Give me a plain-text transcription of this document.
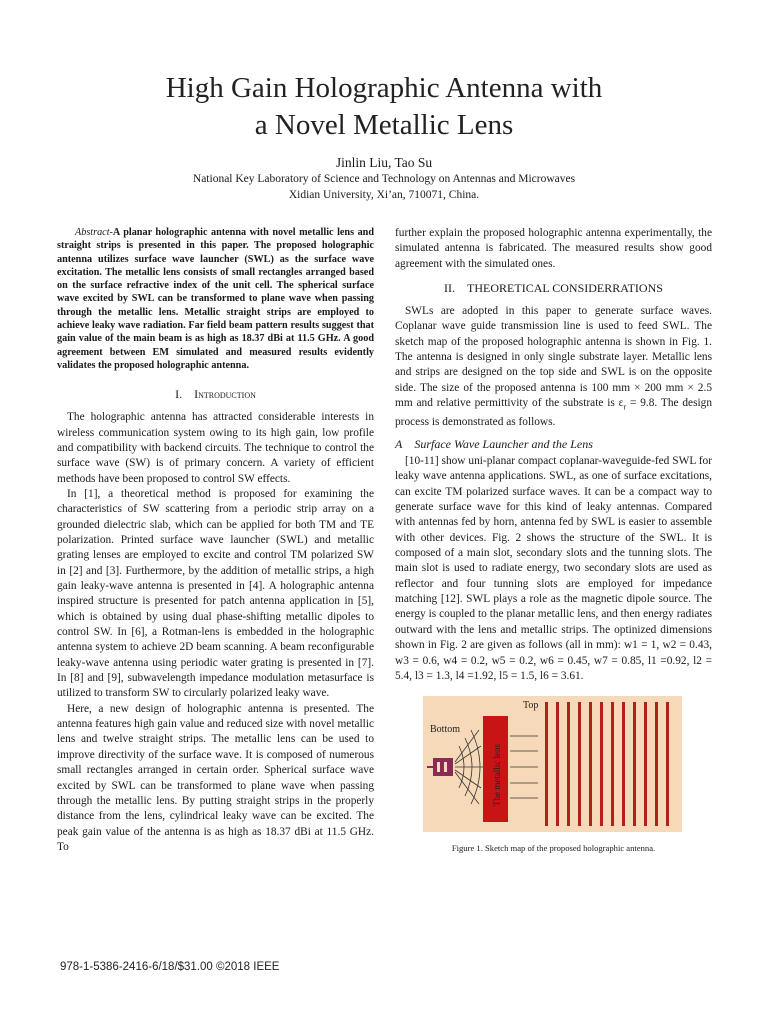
High Gain Holographic Antenna with
a Novel Metallic Lens
Jinlin Liu, Tao Su
National Key Laboratory of Science and Technology on Antennas and Microwaves
Xidian University, Xi’an, 710071, China.

Abstract-A planar holographic antenna with novel metallic lens and straight strips is presented in this paper. The proposed holographic antenna utilizes surface wave launcher (SWL) as the surface wave excitation. The metallic lens consists of small rectangles arranged based on the surface refractive index of the unit cell. The spherical surface wave excited by SWL can be transformed to plane wave when passing through the metallic lens. Metallic straight strips are employed to achieve leaky wave radiation. Far field beam pattern results suggest that gain value of the main beam is as high as 18.37 dBi at 11.5 GHz. A good agreement between EM simulated and measured results evidently validates the proposed holographic antenna.

I. Introduction

The holographic antenna has attracted considerable interests in wireless communication system owing to its high gain, low profile and compatibility with backend circuits. The technique to control the surface wave (SW) is of primary concern. A variety of efficient methods have been proposed to control SW effects.

In [1], a theoretical method is proposed for examining the characteristics of SW scattering from a periodic strip array on a grounded dielectric slab, which can be applied for both TM and TE polarization. Printed surface wave launcher (SWL) and metallic grating lenses are employed to excite and control TM polarized SW in [2] and [3]. Furthermore, by the addition of metallic strips, a high gain leaky-wave antenna is presented in [4]. A holographic antenna inspired structure is presented for patch antenna application in [5], which is obtained by using dual phase-shifting metallic dipoles to control SW. In [6], a Rotman-lens is embedded in the holographic antenna system to achieve 2D beam scanning. A beam reconfigurable leaky-wave antenna using periodic water grating is presented in [7]. In [8] and [9], subwavelength impedance modulation metasurface is utilized to transform SW to circularly polarized leaky wave.

Here, a new design of holographic antenna is presented. The antenna features high gain value and reduced size with novel metallic lens and twelve straight strips. The metallic lens can be used to improve directivity of the surface wave. It is composed of numerous small rectangles arranged in certain order. Spherical surface wave excited by SWL can be transformed to plane wave when passing through the metallic lens. By putting straight strips in the properly distance from the lens, cylindrical leaky wave can be excited. The peak gain value of the antenna is as high as 18.37 dBi at 11.5 GHz. To

further explain the proposed holographic antenna experimentally, the simulated antenna is fabricated. The measured results show good agreement with the simulated ones.

II. THEORETICAL CONSIDERRATIONS

SWLs are adopted in this paper to generate surface waves. Coplanar wave guide transmission line is used to feed SWL. The sketch map of the proposed holographic antenna is shown in Fig. 1. The antenna is designed in only single substrate layer. Metallic lens and strips are designed on the top side and SWL is on the opposite side. The size of the proposed antenna is 100 mm × 200 mm × 2.5 mm and relative permittivity of the substrate is $\varepsilon_r = 9.8$. The design process is demonstrated as follows.

A Surface Wave Launcher and the Lens

[10-11] show uni-planar compact coplanar-waveguide-fed SWL for leaky wave antenna applications. SWL, as one of surface excitations, can excite TM polarized surface waves. It can be a compact way to generate surface wave for this kind of leaky antennas. Compared with antennas fed by horn, antenna fed by SWL is easier to assemble with other devices. Fig. 2 shows the structure of the SWL. It is composed of a main slot, secondary slots and the tunning slots. The main slot is used to radiate energy, two secondary slots are used as reflector and four tunning slots are employed for impedance matching [12]. SWL plays a role as the magnetic dipole source. The energy is coupled to the planar metallic lens, and then energy radiates outward with the lens and metallic strips. The optinized dimensions shown in Fig. 2 are given as follows (all in mm): w1 = 1, w2 = 0.43, w3 = 0.6, w4 = 0.2, w5 = 0.2, w6 = 0.45, w7 = 0.85, l1 =0.92, l2 = 5.4, l3 = 1.3, l4 =1.92, l5 = 1.5, l6 = 3.61.

Top
Bottom
The metallic lens
Figure 1. Sketch map of the proposed holographic antenna.
978-1-5386-2416-6/18/$31.00 ©2018 IEEE
